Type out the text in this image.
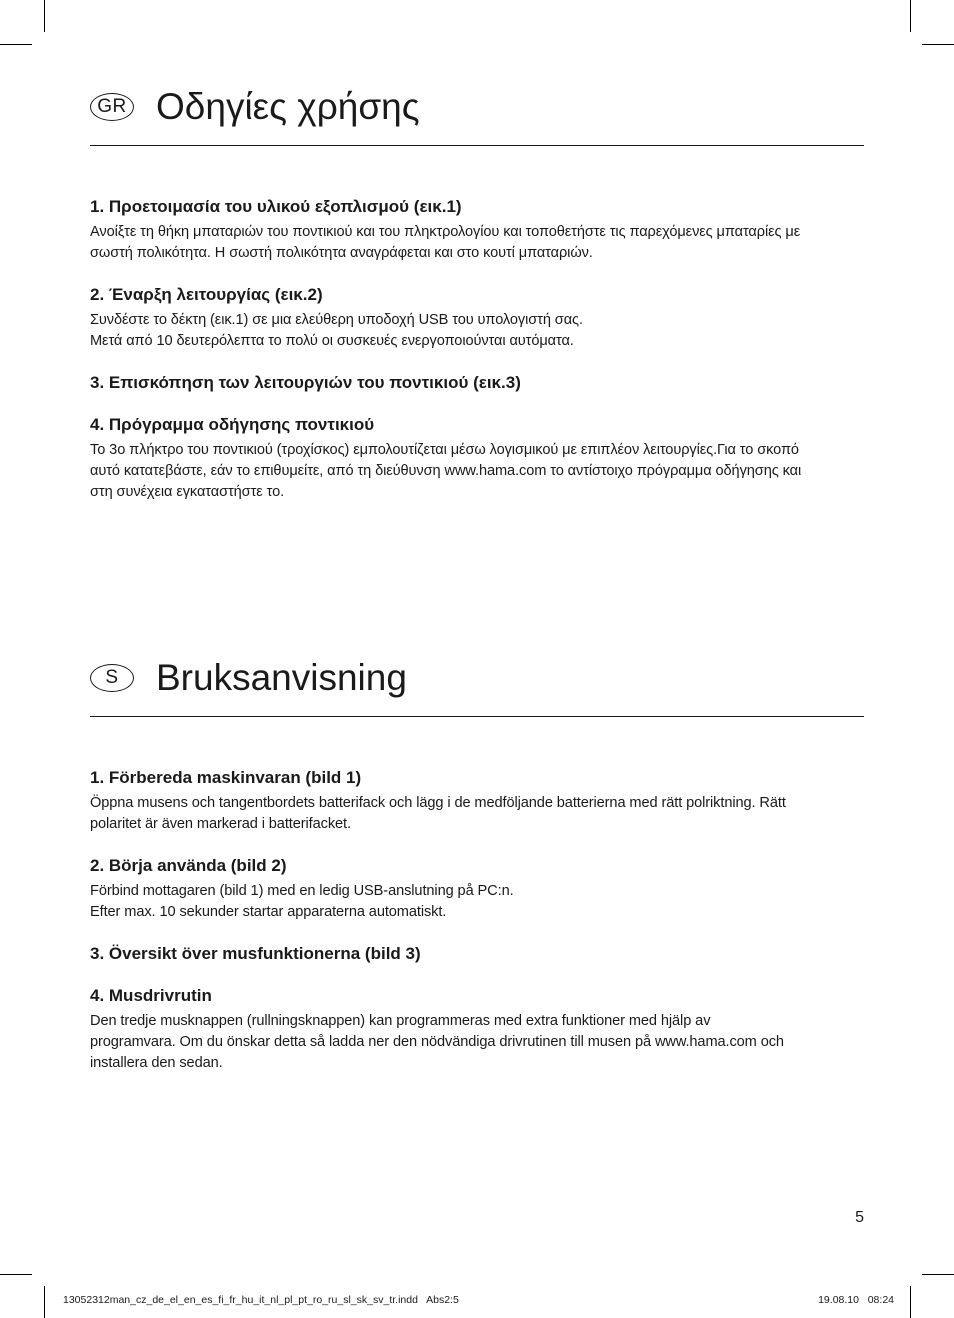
GR Οδηγίες χρήσης
1. Προετοιμασία του υλικού εξοπλισμού (εικ.1)

Ανοίξτε τη θήκη μπαταριών του ποντικιού και του πληκτρολογίου και τοποθετήστε τις παρεχόμενες μπαταρίες με

σωστή πολικότητα. Η σωστή πολικότητα αναγράφεται και στο κουτί μπαταριών.

2. Έναρξη λειτουργίας (εικ.2)

Συνδέστε το δέκτη (εικ.1) σε μια ελεύθερη υποδοχή USB του υπολογιστή σας.

Μετά από 10 δευτερόλεπτα το πολύ οι συσκευές ενεργοποιούνται αυτόματα.

3. Επισκόπηση των λειτουργιών του ποντικιού (εικ.3)
4. Πρόγραμμα οδήγησης ποντικιού

Το 3ο πλήκτρο του ποντικιού (τροχίσκος) εμπολουτίζεται μέσω λογισμικού με επιπλέον λειτουργίες.Για το σκοπό

αυτό κατατεβάστε, εάν το επιθυμείτε, από τη διεύθυνση www.hama.com το αντίστοιχο πρόγραμμα οδήγησης και

στη συνέχεια εγκαταστήστε το.

S	Bruksanvisning
1. Förbereda maskinvaran (bild 1)

Öppna musens och tangentbordets batterifack och lägg i de medföljande batterierna med rätt polriktning. Rätt

polaritet är även markerad i batterifacket.

2. Börja använda (bild 2)

Förbind mottagaren (bild 1) med en ledig USB-anslutning på PC:n.

Efter max. 10 sekunder startar apparaterna automatiskt.

3. Översikt över musfunktionerna (bild 3)
4. Musdrivrutin

Den tredje musknappen (rullningsknappen) kan programmeras med extra funktioner med hjälp av

programvara. Om du önskar detta så ladda ner den nödvändiga drivrutinen till musen på www.hama.com och

installera den sedan.

5
13052312man_cz_de_el_en_es_fi_fr_hu_it_nl_pl_pt_ro_ru_sl_sk_sv_tr.indd   Abs2:5	19.08.10   08:24
